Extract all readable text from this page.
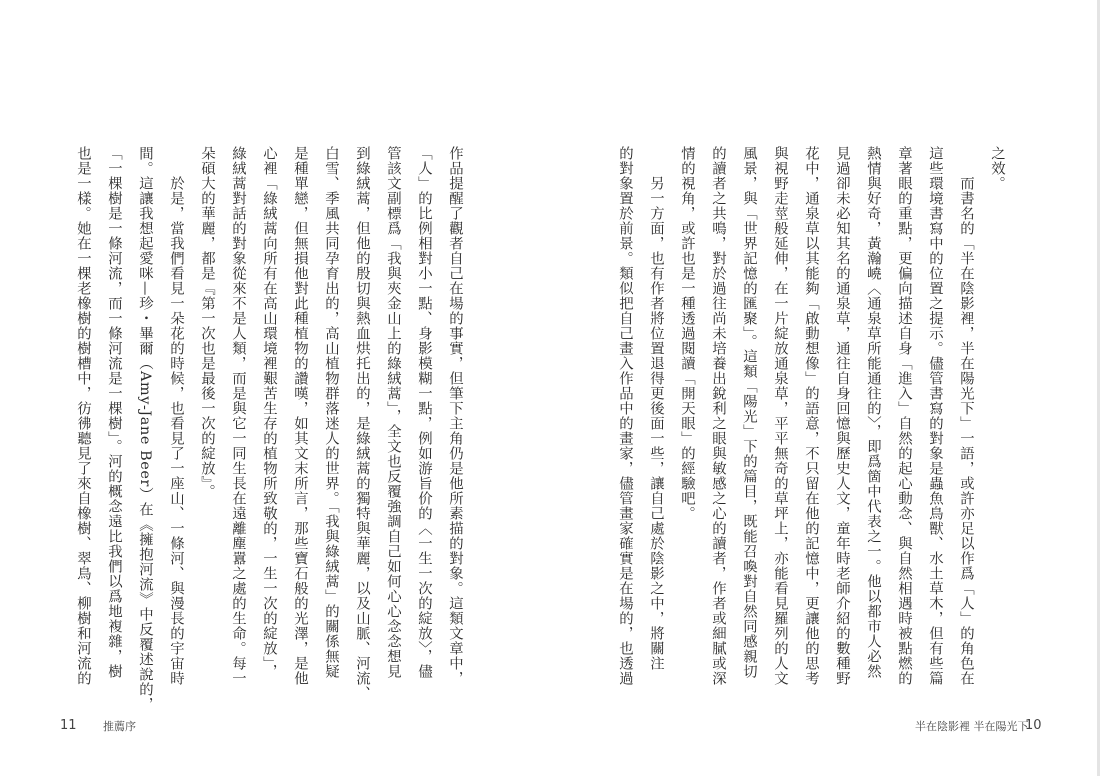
作品提醒了觀者自己在場的事實，但筆下主角仍是他所素描的對象。這類文章中，
「人」的比例相對小一點、身影模糊一點，例如游旨价的〈一生一次的綻放〉，儘
管該文副標爲「我與夾金山上的綠絨蒿」，全文也反覆強調自己如何心心念念想見
到綠絨蒿，但他的殷切與熱血烘托出的，是綠絨蒿的獨特與華麗，以及山脈、河流、
白雪、季風共同孕育出的，高山植物群落迷人的世界。「我與綠絨蒿」的關係無疑
是種單戀，但無損他對此種植物的讚嘆，如其文末所言，那些寶石般的光澤，是他
心裡「綠絨蒿向所有在高山環境裡艱苦生存的植物所致敬的，一生一次的綻放」，
綠絨蒿對話的對象從來不是人類，而是與它一同生長在遠離塵囂之處的生命。每一
朵碩大的華麗，都是『第一次也是最後一次的綻放』。
於是，當我們看見一朵花的時候，也看見了一座山、一條河、與漫長的宇宙時
間。這讓我想起愛咪—珍・畢爾（Amy-Jane Beer）在《擁抱河流》中反覆述說的，
「一棵樹是一條河流，而一條河流是一棵樹」。河的概念遠比我們以爲地複雜，樹
也是一樣。她在一棵老橡樹的樹槽中，彷彿聽見了來自橡樹、翠鳥、柳樹和河流的
11 推薦序
之效。
而書名的「半在陰影裡，半在陽光下」一語，或許亦足以作爲「人」的角色在
這些環境書寫中的位置之提示。儘管書寫的對象是蟲魚鳥獸、水土草木，但有些篇
章著眼的重點，更偏向描述自身「進入」自然的起心動念、與自然相遇時被點燃的
熱情與好奇，黃瀚嶢〈通泉草所能通往的〉，即爲箇中代表之一。他以都市人必然
見過卻未必知其名的通泉草，通往自身回憶與歷史人文，童年時老師介紹的數種野
花中，通泉草以其能夠「啟動想像」的語意，不只留在他的記憶中，更讓他的思考
與視野走莖般延伸，在一片綻放通泉草，平平無奇的草坪上，亦能看見羅列的人文
風景，與「世界記憶的匯聚」。這類「陽光」下的篇目，既能召喚對自然同感親切
的讀者之共鳴，對於過往尚未培養出銳利之眼與敏感之心的讀者，作者或細膩或深
情的視角，或許也是一種透過閱讀「開天眼」的經驗吧。
另一方面，也有作者將位置退得更後面一些，讓自己處於陰影之中，將關注
的對象置於前景。類似把自己畫入作品中的畫家，儘管畫家確實是在場的，也透過
半在陰影裡 半在陽光下
10
